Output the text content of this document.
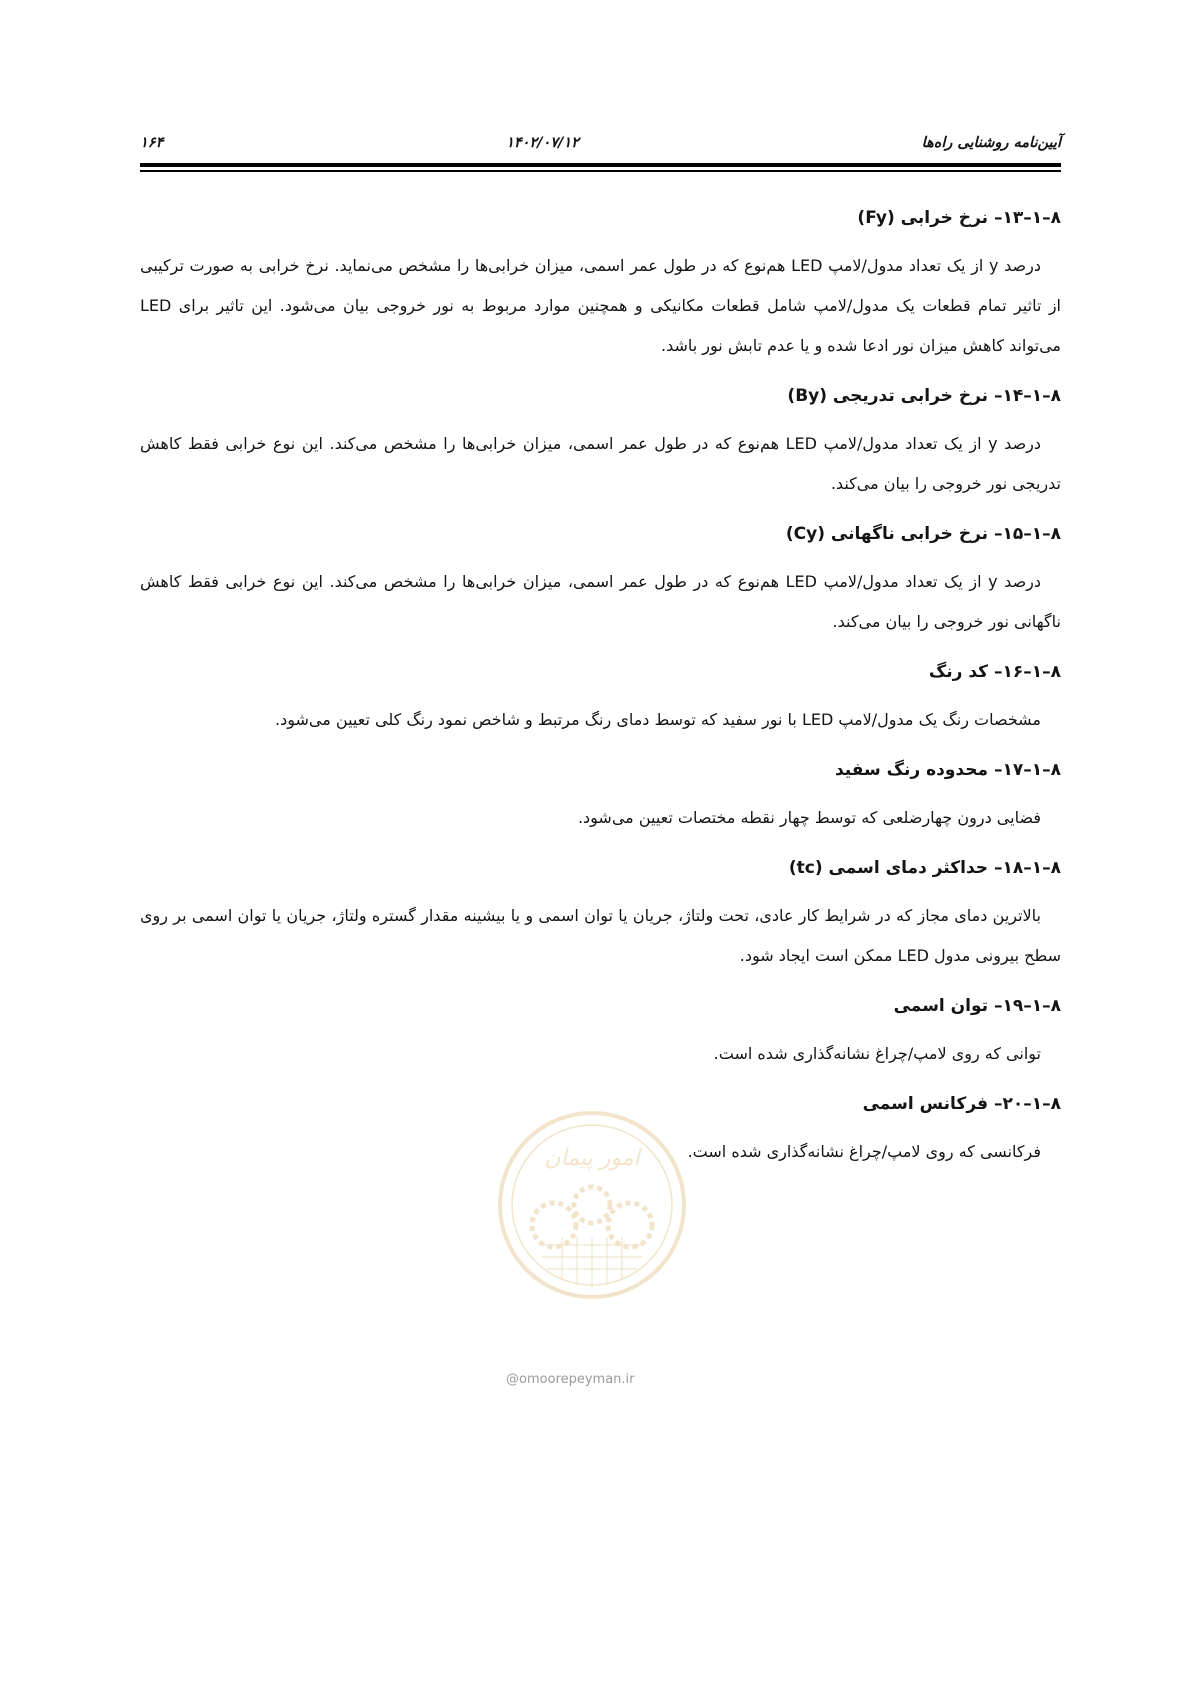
۱۶۴	۱۴۰۲/۰۷/۱۲	آیین‌نامه روشنایی راه‌ها
۸–۱–۱۳– نرخ خرابی (Fy)

درصد y از یک تعداد مدول/لامپ LED هم‌نوع که در طول عمر اسمی، میزان خرابی‌ها را مشخص می‌نماید. نرخ خرابی به صورت ترکیبی از تاثیر تمام قطعات یک مدول/لامپ شامل قطعات مکانیکی و همچنین موارد مربوط به نور خروجی بیان می‌شود. این تاثیر برای LED می‌تواند کاهش میزان نور ادعا شده و یا عدم تابش نور باشد.

۸–۱–۱۴– نرخ خرابی تدریجی (By)

درصد y از یک تعداد مدول/لامپ LED هم‌نوع که در طول عمر اسمی، میزان خرابی‌ها را مشخص می‌کند. این نوع خرابی فقط کاهش تدریجی نور خروجی را بیان می‌کند.

۸–۱–۱۵– نرخ خرابی ناگهانی (Cy)

درصد y از یک تعداد مدول/لامپ LED هم‌نوع که در طول عمر اسمی، میزان خرابی‌ها را مشخص می‌کند. این نوع خرابی فقط کاهش ناگهانی نور خروجی را بیان می‌کند.

۸–۱–۱۶– کد رنگ

مشخصات رنگ یک مدول/لامپ LED با نور سفید که توسط دمای رنگ مرتبط و شاخص نمود رنگ کلی تعیین می‌شود.

۸–۱–۱۷– محدوده رنگ سفید

فضایی درون چهارضلعی که توسط چهار نقطه مختصات تعیین می‌شود.

۸–۱–۱۸– حداکثر دمای اسمی (tc)

بالاترین دمای مجاز که در شرایط کار عادی، تحت ولتاژ، جریان یا توان اسمی و یا بیشینه مقدار گستره ولتاژ، جریان یا توان اسمی بر روی سطح بیرونی مدول LED ممکن است ایجاد شود.

۸–۱–۱۹– توان اسمی

توانی که روی لامپ/چراغ نشانه‌گذاری شده است.

۸–۱–۲۰– فرکانس اسمی

فرکانسی که روی لامپ/چراغ نشانه‌گذاری شده است.

امور پیمان
@omoorepeyman.ir
